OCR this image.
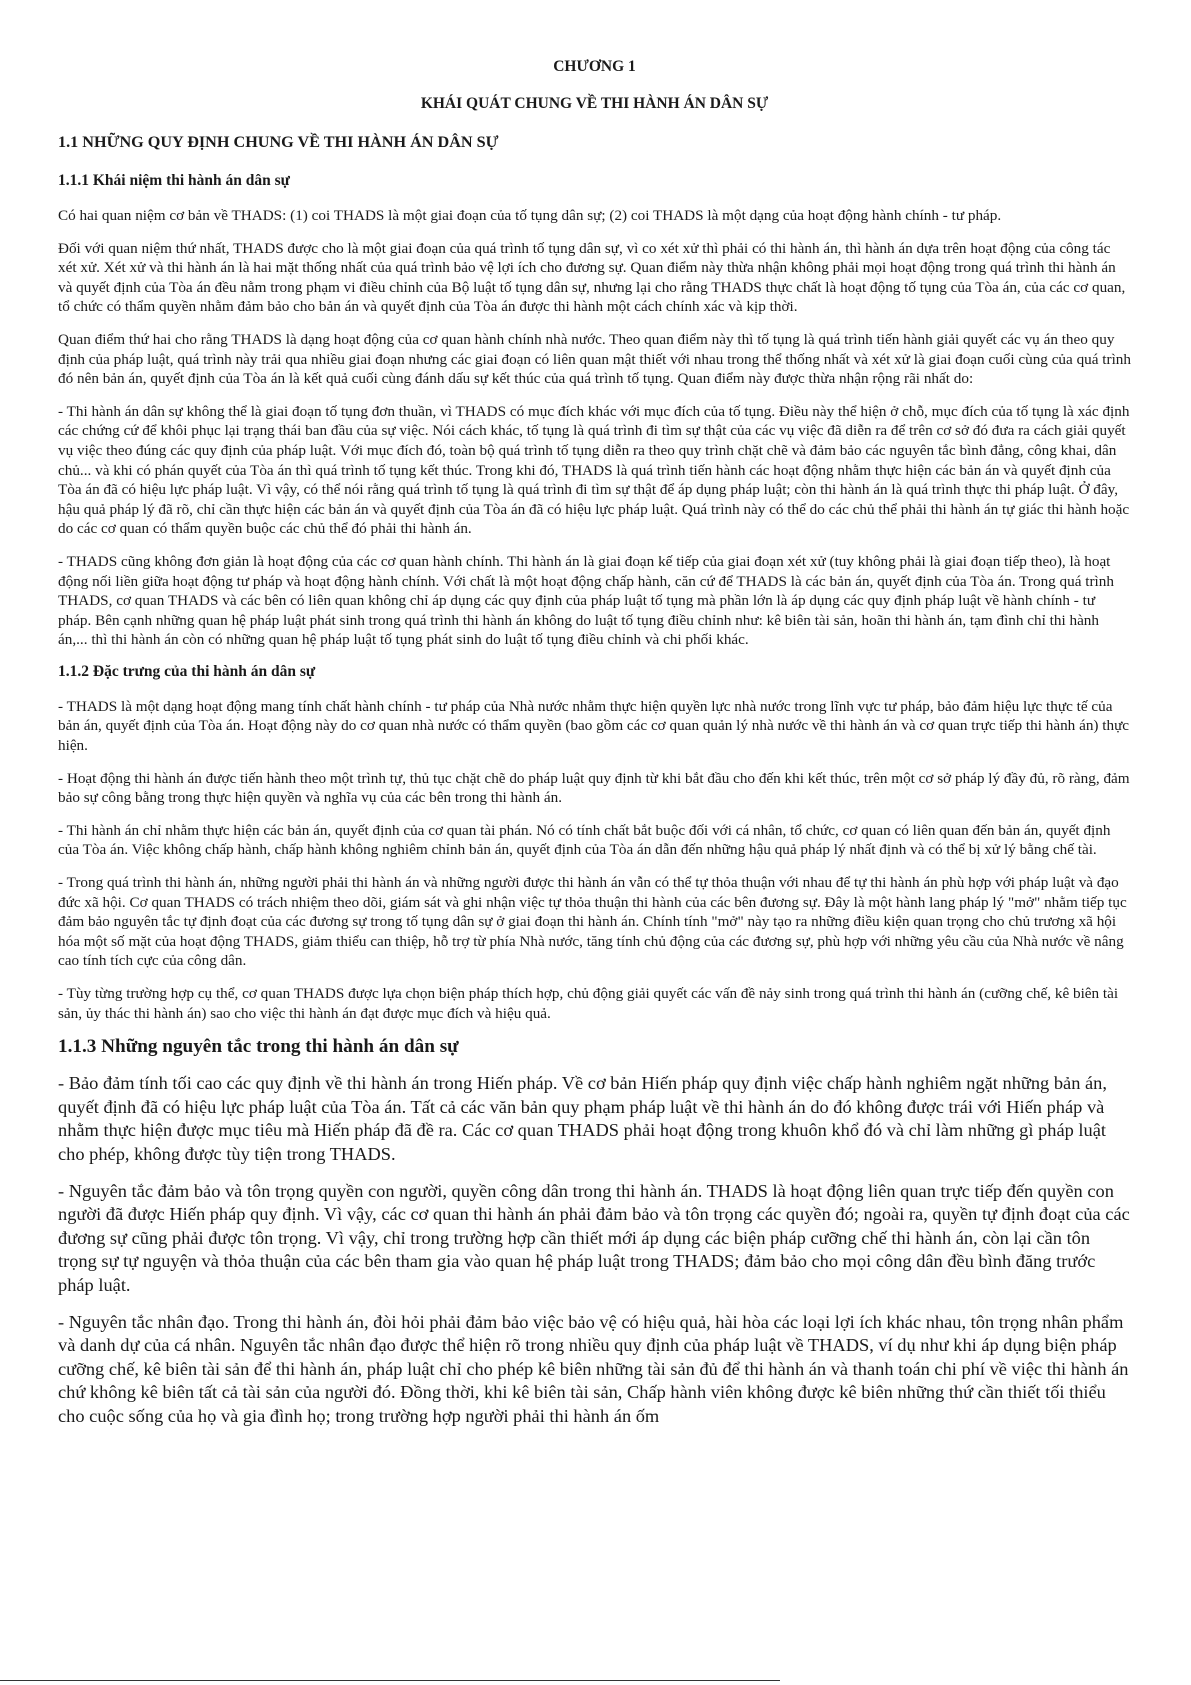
CHƯƠNG 1

KHÁI QUÁT CHUNG VỀ THI HÀNH ÁN DÂN SỰ

1.1 NHỮNG QUY ĐỊNH CHUNG VỀ THI HÀNH ÁN DÂN SỰ
1.1.1 Khái niệm thi hành án dân sự

Có hai quan niệm cơ bản về THADS: (1) coi THADS là một giai đoạn của tố tụng dân sự; (2) coi THADS là một dạng của hoạt động hành chính - tư pháp.

Đối với quan niệm thứ nhất, THADS được cho là một giai đoạn của quá trình tố tụng dân sự, vì co xét xử thì phải có thi hành án, thì hành án dựa trên hoạt động của công tác xét xử. Xét xử và thi hành án là hai mặt thống nhất của quá trình bảo vệ lợi ích cho đương sự. Quan điểm này thừa nhận không phải mọi hoạt động trong quá trình thi hành án và quyết định của Tòa án đều nằm trong phạm vi điều chỉnh của Bộ luật tố tụng dân sự, nhưng lại cho rằng THADS thực chất là hoạt động tố tụng của Tòa án, của các cơ quan, tổ chức có thẩm quyền nhằm đảm bảo cho bản án và quyết định của Tòa án được thi hành một cách chính xác và kịp thời.

Quan điểm thứ hai cho rằng THADS là dạng hoạt động của cơ quan hành chính nhà nước. Theo quan điểm này thì tố tụng là quá trình tiến hành giải quyết các vụ án theo quy định của pháp luật, quá trình này trải qua nhiều giai đoạn nhưng các giai đoạn có liên quan mật thiết với nhau trong thể thống nhất và xét xử là giai đoạn cuối cùng của quá trình đó nên bản án, quyết định của Tòa án là kết quả cuối cùng đánh dấu sự kết thúc của quá trình tố tụng. Quan điểm này được thừa nhận rộng rãi nhất do:

- Thi hành án dân sự không thể là giai đoạn tố tụng đơn thuần, vì THADS có mục đích khác với mục đích của tố tụng. Điều này thể hiện ở chỗ, mục đích của tố tụng là xác định các chứng cứ để khôi phục lại trạng thái ban đầu của sự việc. Nói cách khác, tố tụng là quá trình đi tìm sự thật của các vụ việc đã diễn ra để trên cơ sở đó đưa ra cách giải quyết vụ việc theo đúng các quy định của pháp luật. Với mục đích đó, toàn bộ quá trình tố tụng diễn ra theo quy trình chặt chẽ và đảm bảo các nguyên tắc bình đẳng, công khai, dân chủ... và khi có phán quyết của Tòa án thì quá trình tố tụng kết thúc. Trong khi đó, THADS là quá trình tiến hành các hoạt động nhằm thực hiện các bản án và quyết định của Tòa án đã có hiệu lực pháp luật. Vì vậy, có thể nói rằng quá trình tố tụng là quá trình đi tìm sự thật để áp dụng pháp luật; còn thi hành án là quá trình thực thi pháp luật. Ở đây, hậu quả pháp lý đã rõ, chỉ cần thực hiện các bản án và quyết định của Tòa án đã có hiệu lực pháp luật. Quá trình này có thể do các chủ thể phải thi hành án tự giác thi hành hoặc do các cơ quan có thẩm quyền buộc các chủ thể đó phải thi hành án.

- THADS cũng không đơn giản là hoạt động của các cơ quan hành chính. Thi hành án là giai đoạn kế tiếp của giai đoạn xét xử (tuy không phải là giai đoạn tiếp theo), là hoạt động nối liền giữa hoạt động tư pháp và hoạt động hành chính. Với chất là một hoạt động chấp hành, căn cứ để THADS là các bản án, quyết định của Tòa án. Trong quá trình THADS, cơ quan THADS và các bên có liên quan không chỉ áp dụng các quy định của pháp luật tố tụng mà phần lớn là áp dụng các quy định pháp luật về hành chính - tư pháp. Bên cạnh những quan hệ pháp luật phát sinh trong quá trình thi hành án không do luật tố tụng điều chỉnh như: kê biên tài sản, hoãn thi hành án, tạm đình chỉ thi hành án,... thì thi hành án còn có những quan hệ pháp luật tố tụng phát sinh do luật tố tụng điều chỉnh và chi phối khác.

1.1.2 Đặc trưng của thi hành án dân sự

- THADS là một dạng hoạt động mang tính chất hành chính - tư pháp của Nhà nước nhằm thực hiện quyền lực nhà nước trong lĩnh vực tư pháp, bảo đảm hiệu lực thực tế của bản án, quyết định của Tòa án. Hoạt động này do cơ quan nhà nước có thẩm quyền (bao gồm các cơ quan quản lý nhà nước về thi hành án và cơ quan trực tiếp thi hành án) thực hiện.

- Hoạt động thi hành án được tiến hành theo một trình tự, thủ tục chặt chẽ do pháp luật quy định từ khi bắt đầu cho đến khi kết thúc, trên một cơ sở pháp lý đầy đủ, rõ ràng, đảm bảo sự công bằng trong thực hiện quyền và nghĩa vụ của các bên trong thi hành án.

- Thi hành án chỉ nhằm thực hiện các bản án, quyết định của cơ quan tài phán. Nó có tính chất bắt buộc đối với cá nhân, tổ chức, cơ quan có liên quan đến bản án, quyết định của Tòa án. Việc không chấp hành, chấp hành không nghiêm chỉnh bản án, quyết định của Tòa án dẫn đến những hậu quả pháp lý nhất định và có thể bị xử lý bằng chế tài.

- Trong quá trình thi hành án, những người phải thi hành án và những người được thi hành án vẫn có thể tự thỏa thuận với nhau để tự thi hành án phù hợp với pháp luật và đạo đức xã hội. Cơ quan THADS có trách nhiệm theo dõi, giám sát và ghi nhận việc tự thỏa thuận thi hành của các bên đương sự. Đây là một hành lang pháp lý "mở" nhằm tiếp tục đảm bảo nguyên tắc tự định đoạt của các đương sự trong tố tụng dân sự ở giai đoạn thi hành án. Chính tính "mở" này tạo ra những điều kiện quan trọng cho chủ trương xã hội hóa một số mặt của hoạt động THADS, giảm thiểu can thiệp, hỗ trợ từ phía Nhà nước, tăng tính chủ động của các đương sự, phù hợp với những yêu cầu của Nhà nước về nâng cao tính tích cực của công dân.

- Tùy từng trường hợp cụ thể, cơ quan THADS được lựa chọn biện pháp thích hợp, chủ động giải quyết các vấn đề nảy sinh trong quá trình thi hành án (cưỡng chế, kê biên tài sản, ủy thác thi hành án) sao cho việc thi hành án đạt được mục đích và hiệu quả.

1.1.3 Những nguyên tắc trong thi hành án dân sự

- Bảo đảm tính tối cao các quy định về thi hành án trong Hiến pháp. Về cơ bản Hiến pháp quy định việc chấp hành nghiêm ngặt những bản án, quyết định đã có hiệu lực pháp luật của Tòa án. Tất cả các văn bản quy phạm pháp luật về thi hành án do đó không được trái với Hiến pháp và nhằm thực hiện được mục tiêu mà Hiến pháp đã đề ra. Các cơ quan THADS phải hoạt động trong khuôn khổ đó và chỉ làm những gì pháp luật cho phép, không được tùy tiện trong THADS.

- Nguyên tắc đảm bảo và tôn trọng quyền con người, quyền công dân trong thi hành án. THADS là hoạt động liên quan trực tiếp đến quyền con người đã được Hiến pháp quy định. Vì vậy, các cơ quan thi hành án phải đảm bảo và tôn trọng các quyền đó; ngoài ra, quyền tự định đoạt của các đương sự cũng phải được tôn trọng. Vì vậy, chỉ trong trường hợp cần thiết mới áp dụng các biện pháp cưỡng chế thi hành án, còn lại cần tôn trọng sự tự nguyện và thỏa thuận của các bên tham gia vào quan hệ pháp luật trong THADS; đảm bảo cho mọi công dân đều bình đăng trước pháp luật.

- Nguyên tắc nhân đạo. Trong thi hành án, đòi hỏi phải đảm bảo việc bảo vệ có hiệu quả, hài hòa các loại lợi ích khác nhau, tôn trọng nhân phẩm và danh dự của cá nhân. Nguyên tắc nhân đạo được thể hiện rõ trong nhiều quy định của pháp luật về THADS, ví dụ như khi áp dụng biện pháp cưỡng chế, kê biên tài sản để thi hành án, pháp luật chỉ cho phép kê biên những tài sản đủ để thi hành án và thanh toán chi phí về việc thi hành án chứ không kê biên tất cả tài sản của người đó. Đồng thời, khi kê biên tài sản, Chấp hành viên không được kê biên những thứ cần thiết tối thiểu cho cuộc sống của họ và gia đình họ; trong trường hợp người phải thi hành án ốm
